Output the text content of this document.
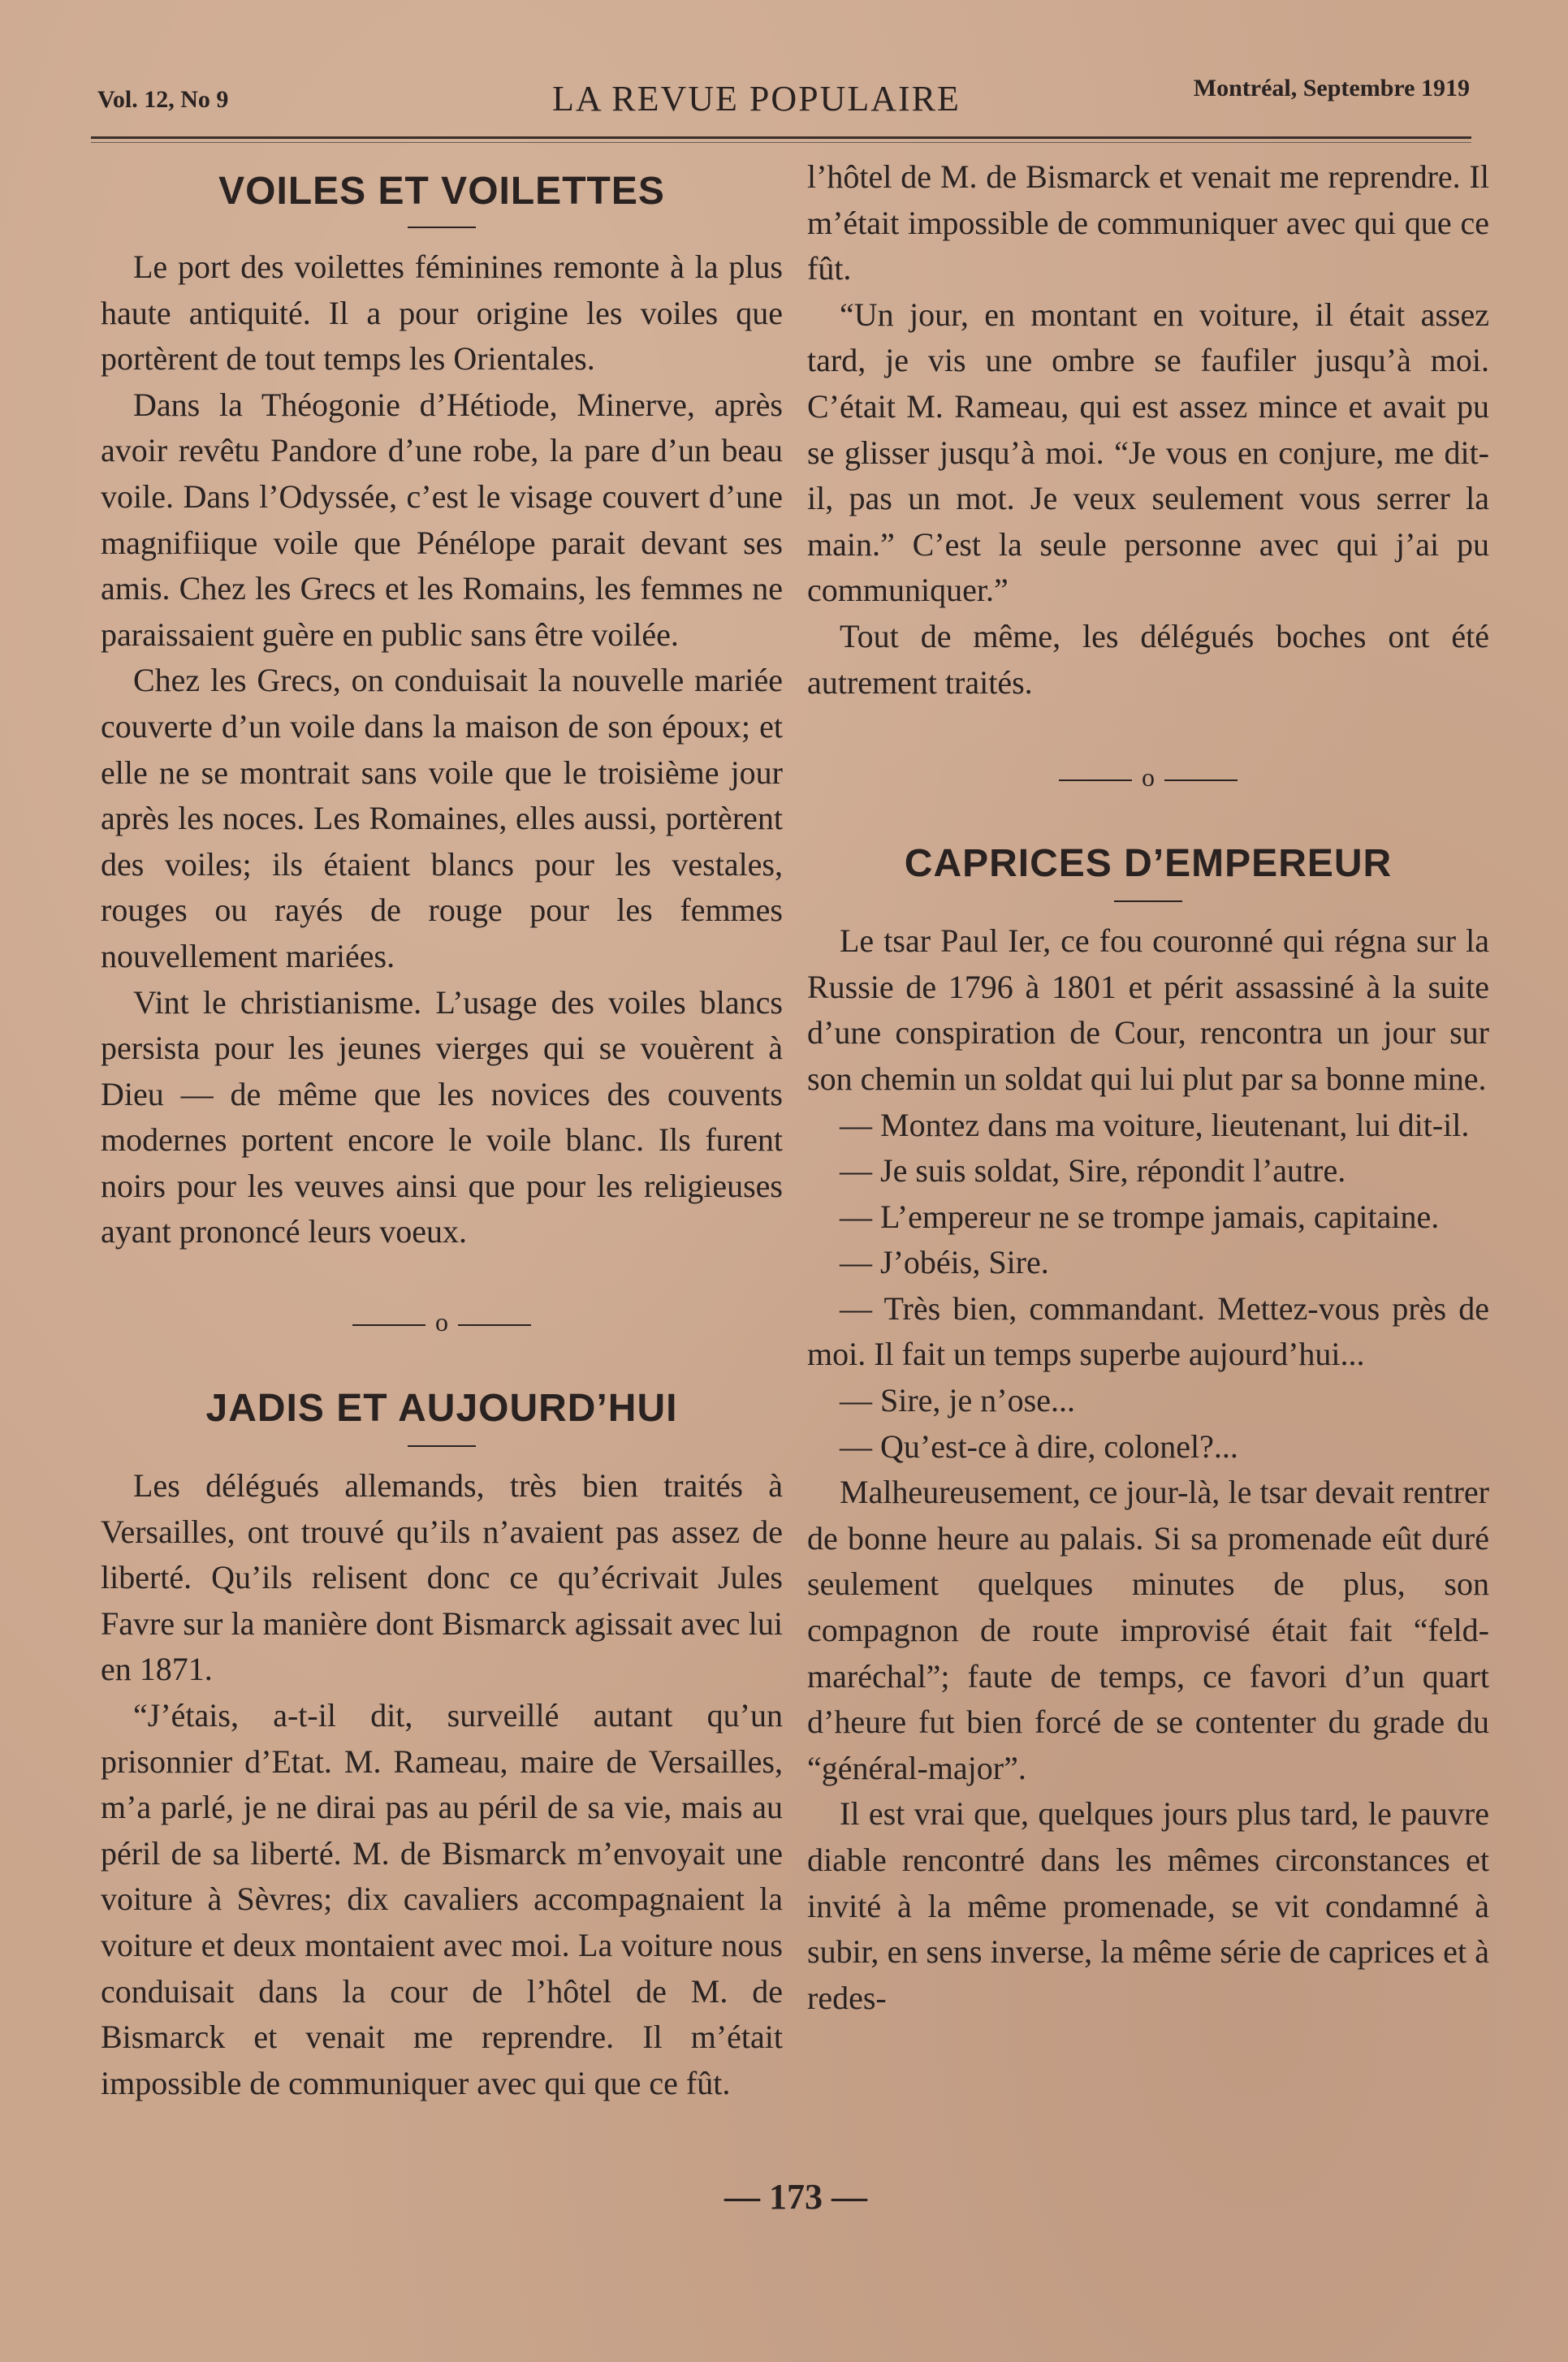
Vol. 12, No 9	LA REVUE POPULAIRE	Montréal, Septembre 1919
VOILES ET VOILETTES

Le port des voilettes féminines remonte à la plus haute antiquité. Il a pour origine les voiles que portèrent de tout temps les Orientales.

Dans la Théogonie d’Hétiode, Minerve, après avoir revêtu Pandore d’une robe, la pare d’un beau voile. Dans l’Odyssée, c’est le visage couvert d’une magnifiique voile que Pénélope parait devant ses amis. Chez les Grecs et les Romains, les femmes ne paraissaient guère en public sans être voilée.

Chez les Grecs, on conduisait la nouvelle mariée couverte d’un voile dans la maison de son époux; et elle ne se montrait sans voile que le troisième jour après les noces. Les Romaines, elles aussi, portèrent des voiles; ils étaient blancs pour les vestales, rouges ou rayés de rouge pour les femmes nouvellement mariées.

Vint le christianisme. L’usage des voiles blancs persista pour les jeunes vierges qui se vouèrent à Dieu — de même que les novices des couvents modernes portent encore le voile blanc. Ils furent noirs pour les veuves ainsi que pour les religieuses ayant prononcé leurs voeux.

o

JADIS ET AUJOURD’HUI

Les délégués allemands, très bien traités à Versailles, ont trouvé qu’ils n’avaient pas assez de liberté. Qu’ils relisent donc ce qu’écrivait Jules Favre sur la manière dont Bismarck agissait avec lui en 1871.

“J’étais, a-t-il dit, surveillé autant qu’un prisonnier d’Etat. M. Rameau, maire de Versailles, m’a parlé, je ne dirai pas au péril de sa vie, mais au péril de sa liberté. M. de Bismarck m’envoyait une voiture à Sèvres; dix cavaliers accompagnaient la voiture et deux montaient avec moi. La voiture nous conduisait dans la cour de l’hôtel de M. de Bismarck et venait me reprendre. Il m’était impossible de communiquer avec qui que ce fût.

l’hôtel de M. de Bismarck et venait me reprendre. Il m’était impossible de communiquer avec qui que ce fût.

“Un jour, en montant en voiture, il était assez tard, je vis une ombre se faufiler jusqu’à moi. C’était M. Rameau, qui est assez mince et avait pu se glisser jusqu’à moi. “Je vous en conjure, me dit-il, pas un mot. Je veux seulement vous serrer la main.” C’est la seule personne avec qui j’ai pu communiquer.”

Tout de même, les délégués boches ont été autrement traités.

o

CAPRICES D’EMPEREUR

Le tsar Paul Ier, ce fou couronné qui régna sur la Russie de 1796 à 1801 et périt assassiné à la suite d’une conspiration de Cour, rencontra un jour sur son chemin un soldat qui lui plut par sa bonne mine.

— Montez dans ma voiture, lieutenant, lui dit-il.

— Je suis soldat, Sire, répondit l’autre.

— L’empereur ne se trompe jamais, capitaine.

— J’obéis, Sire.

— Très bien, commandant. Mettez-vous près de moi. Il fait un temps superbe aujourd’hui...

— Sire, je n’ose...

— Qu’est-ce à dire, colonel?...

Malheureusement, ce jour-là, le tsar devait rentrer de bonne heure au palais. Si sa promenade eût duré seulement quelques minutes de plus, son compagnon de route improvisé était fait “feld-maréchal”; faute de temps, ce favori d’un quart d’heure fut bien forcé de se contenter du grade du “général-major”.

Il est vrai que, quelques jours plus tard, le pauvre diable rencontré dans les mêmes circonstances et invité à la même promenade, se vit condamné à subir, en sens inverse, la même série de caprices et à redes-

— 173 —
